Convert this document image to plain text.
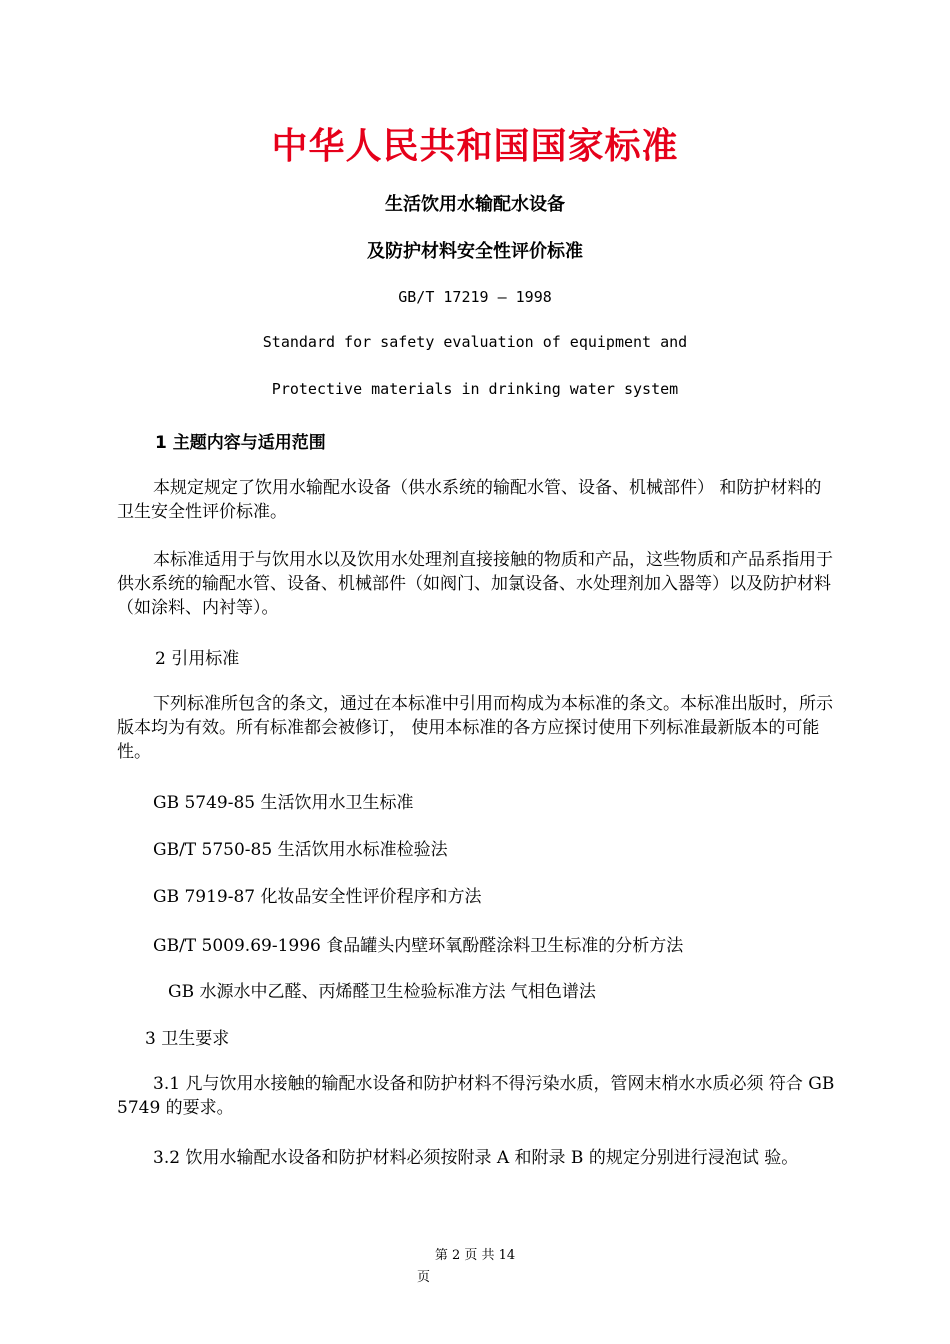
中华人民共和国国家标准
生活饮用水输配水设备
及防护材料安全性评价标准
GB/T 17219 — 1998
Standard for safety evaluation of equipment and
Protective materials in drinking water system
1 主题内容与适用范围
本规定规定了饮用水输配水设备（供水系统的输配水管、设备、机械部件） 和防护材料的卫生安全性评价标准。
本标准适用于与饮用水以及饮用水处理剂直接接触的物质和产品，这些物质和产品系指用于供水系统的输配水管、设备、机械部件（如阀门、加氯设备、水处理剂加入器等）以及防护材料（如涂料、内衬等）。
2 引用标准
下列标准所包含的条文，通过在本标准中引用而构成为本标准的条文。本标准出版时，所示版本均为有效。所有标准都会被修订， 使用本标准的各方应探讨使用下列标准最新版本的可能性。
GB 5749-85 生活饮用水卫生标准
GB/T 5750-85 生活饮用水标准检验法
GB 7919-87 化妆品安全性评价程序和方法
GB/T 5009.69-1996 食品罐头内壁环氧酚醛涂料卫生标准的分析方法
GB 水源水中乙醛、丙烯醛卫生检验标准方法 气相色谱法
3 卫生要求
3.1 凡与饮用水接触的输配水设备和防护材料不得污染水质，管网末梢水水质必须 符合 GB 5749 的要求。
3.2 饮用水输配水设备和防护材料必须按附录 A 和附录 B 的规定分别进行浸泡试 验。
第 2 页 共 14
页
